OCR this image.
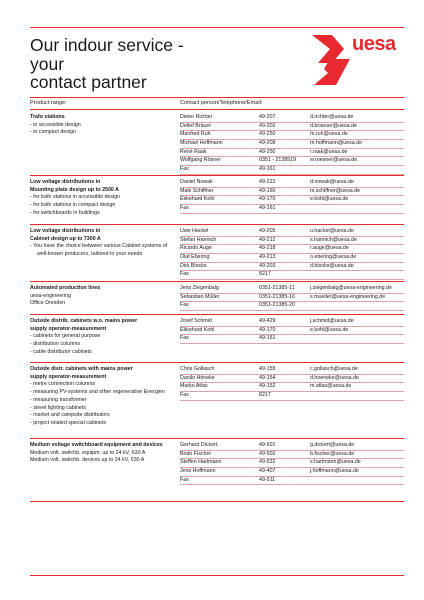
Our indour service -
your
contact partner
uesa
Product range:	Contact person/Telephone/Email:
Trafo stations
- in accessible design
- in compact design
Dieter Richter	49-207	d.richter@uesa.de
Detlef Bräuer	49-202	d.braeuer@uesa.de
Manfred Ruh	49-250	m.ruh@uesa.de
Michael Hoffmann	49-208	m.hoffmann@uesa.de
René Raak	49-250	r.raak@uesa.de
Wolfgang Rösner	0351 - 2138519	w.roesner@uesa.de
Fax	49-161
Low voltage distributions in
Mounting plate design up to 2500 A
- for trafo stations in accessible design
- for trafo stations in compact design
- for switchboards in buildings
Daniel Nowak	49-222	d.nowak@uesa.de
Maik Schiffner	49-160	m.schiffner@uesa.de
Ekkehard Kohl	49-170	e.kohl@uesa.de
Fax	49-161
Low voltage distributions in
Cabinet design up to 7300 A
- You have the choice between various Cabinet systems of well-known producers, tailored to your needs
Uwe Hackel	49-205	u.hackel@uesa.de
Stefan Hannich	49-212	s.hannich@uesa.de
Ricardo Auge	49-218	r.auge@uesa.de
Olaf Ebering	49-213	o.ebering@uesa.de
Dirk Blocks	49-203	d.blocks@uesa.de
Fax	8217
Automated production lines
uesa-engineering
Office Dresden
Jens Ziegenbalg	0351-21385-11	j.ziegenbalg@uesa-engineering.de
Sebastian Müller	0351-21385-16	s.mueller@uesa-engineering.de
Fax	0351-21385-20
Outside distrib. cabinets w.o. mains power
supply operator-measurement
- cabinets for general purpose
- distribution columns
- cable distributor cabinets
Josef Schmid	49-429	j.schmid@uesa.de
Ekkehard Kohl	49-170	e.kohl@uesa.de
Fax	49-161
Outside distr. cabinets with mains power
supply operator-measurement
- metre connection columns
- measuring PV-systems and other regenerative Energien
- measuring transformer
- street lighting cabinets
- market and campsite distributors
- project related special cabinets
Chris Gollasch	49-155	c.gollasch@uesa.de
Danilo Höneke	49-154	d.hoeneke@uesa.de
Marko Atlas	49-152	m.atlas@uesa.de
Fax	8217
Medium voltage switchboard equipment and devices
Medium volt. switchb. equipm. up to 24 kV, 630 A
Medium volt. switchb. devices up to 24 kV, 630 A
Gerhard Dickert	49-501	g.dickert@uesa.de
Bodo Fischer	49-502	b.fischer@uesa.de
Steffen Hartmann	49-532	s.hartmann@uesa.de
Jens Hoffmann	49-407	j.hoffmann@uesa.de
Fax	49-511
